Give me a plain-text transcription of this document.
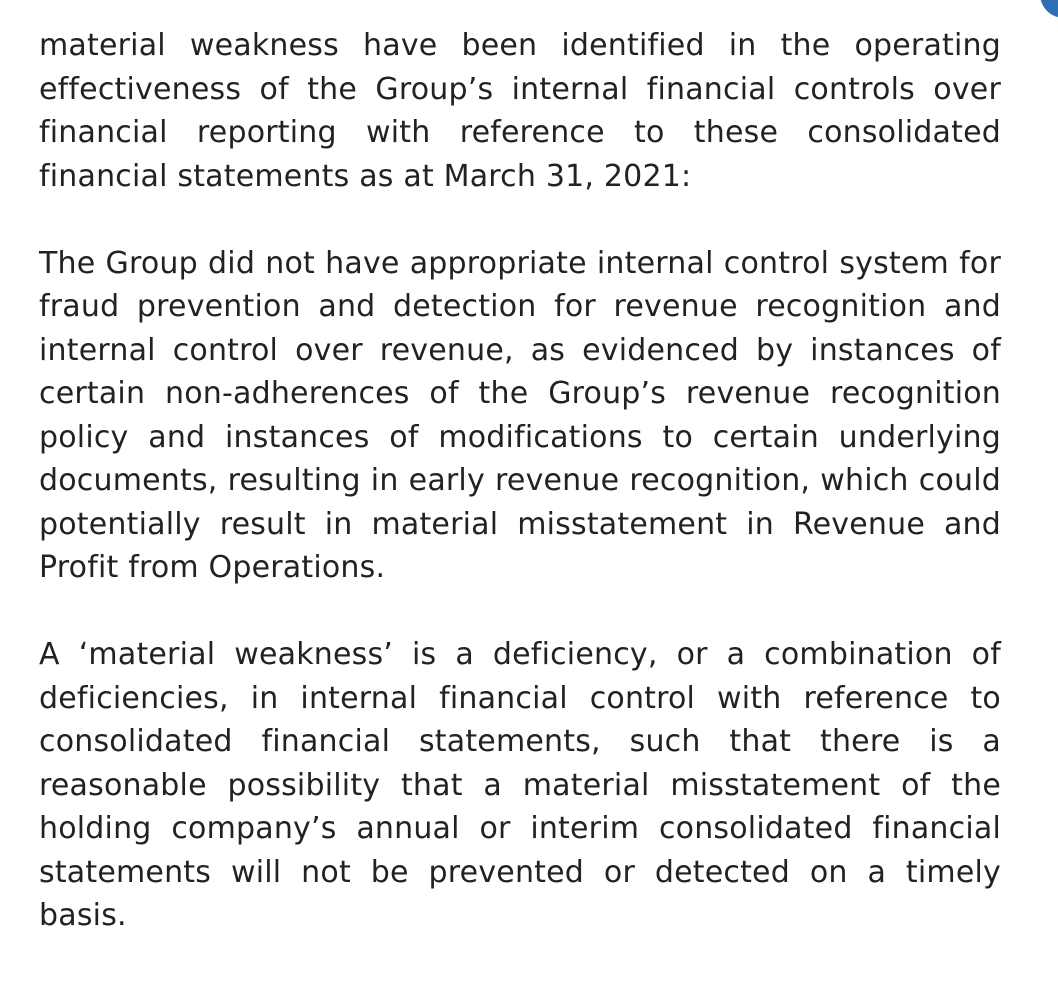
material weakness have been identified in the operating effectiveness of the Group’s internal financial controls over financial reporting with reference to these consolidated financial statements as at March 31, 2021:

The Group did not have appropriate internal control system for fraud prevention and detection for revenue recognition and internal control over revenue, as evidenced by instances of certain non-adherences of the Group’s revenue recognition policy and instances of modifications to certain underlying documents, resulting in early revenue recognition, which could potentially result in material misstatement in Revenue and Profit from Operations.

A ‘material weakness’ is a deficiency, or a combination of deficiencies, in internal financial control with reference to consolidated financial statements, such that there is a reasonable possibility that a material misstatement of the holding company’s annual or interim consolidated financial statements will not be prevented or detected on a timely basis.
